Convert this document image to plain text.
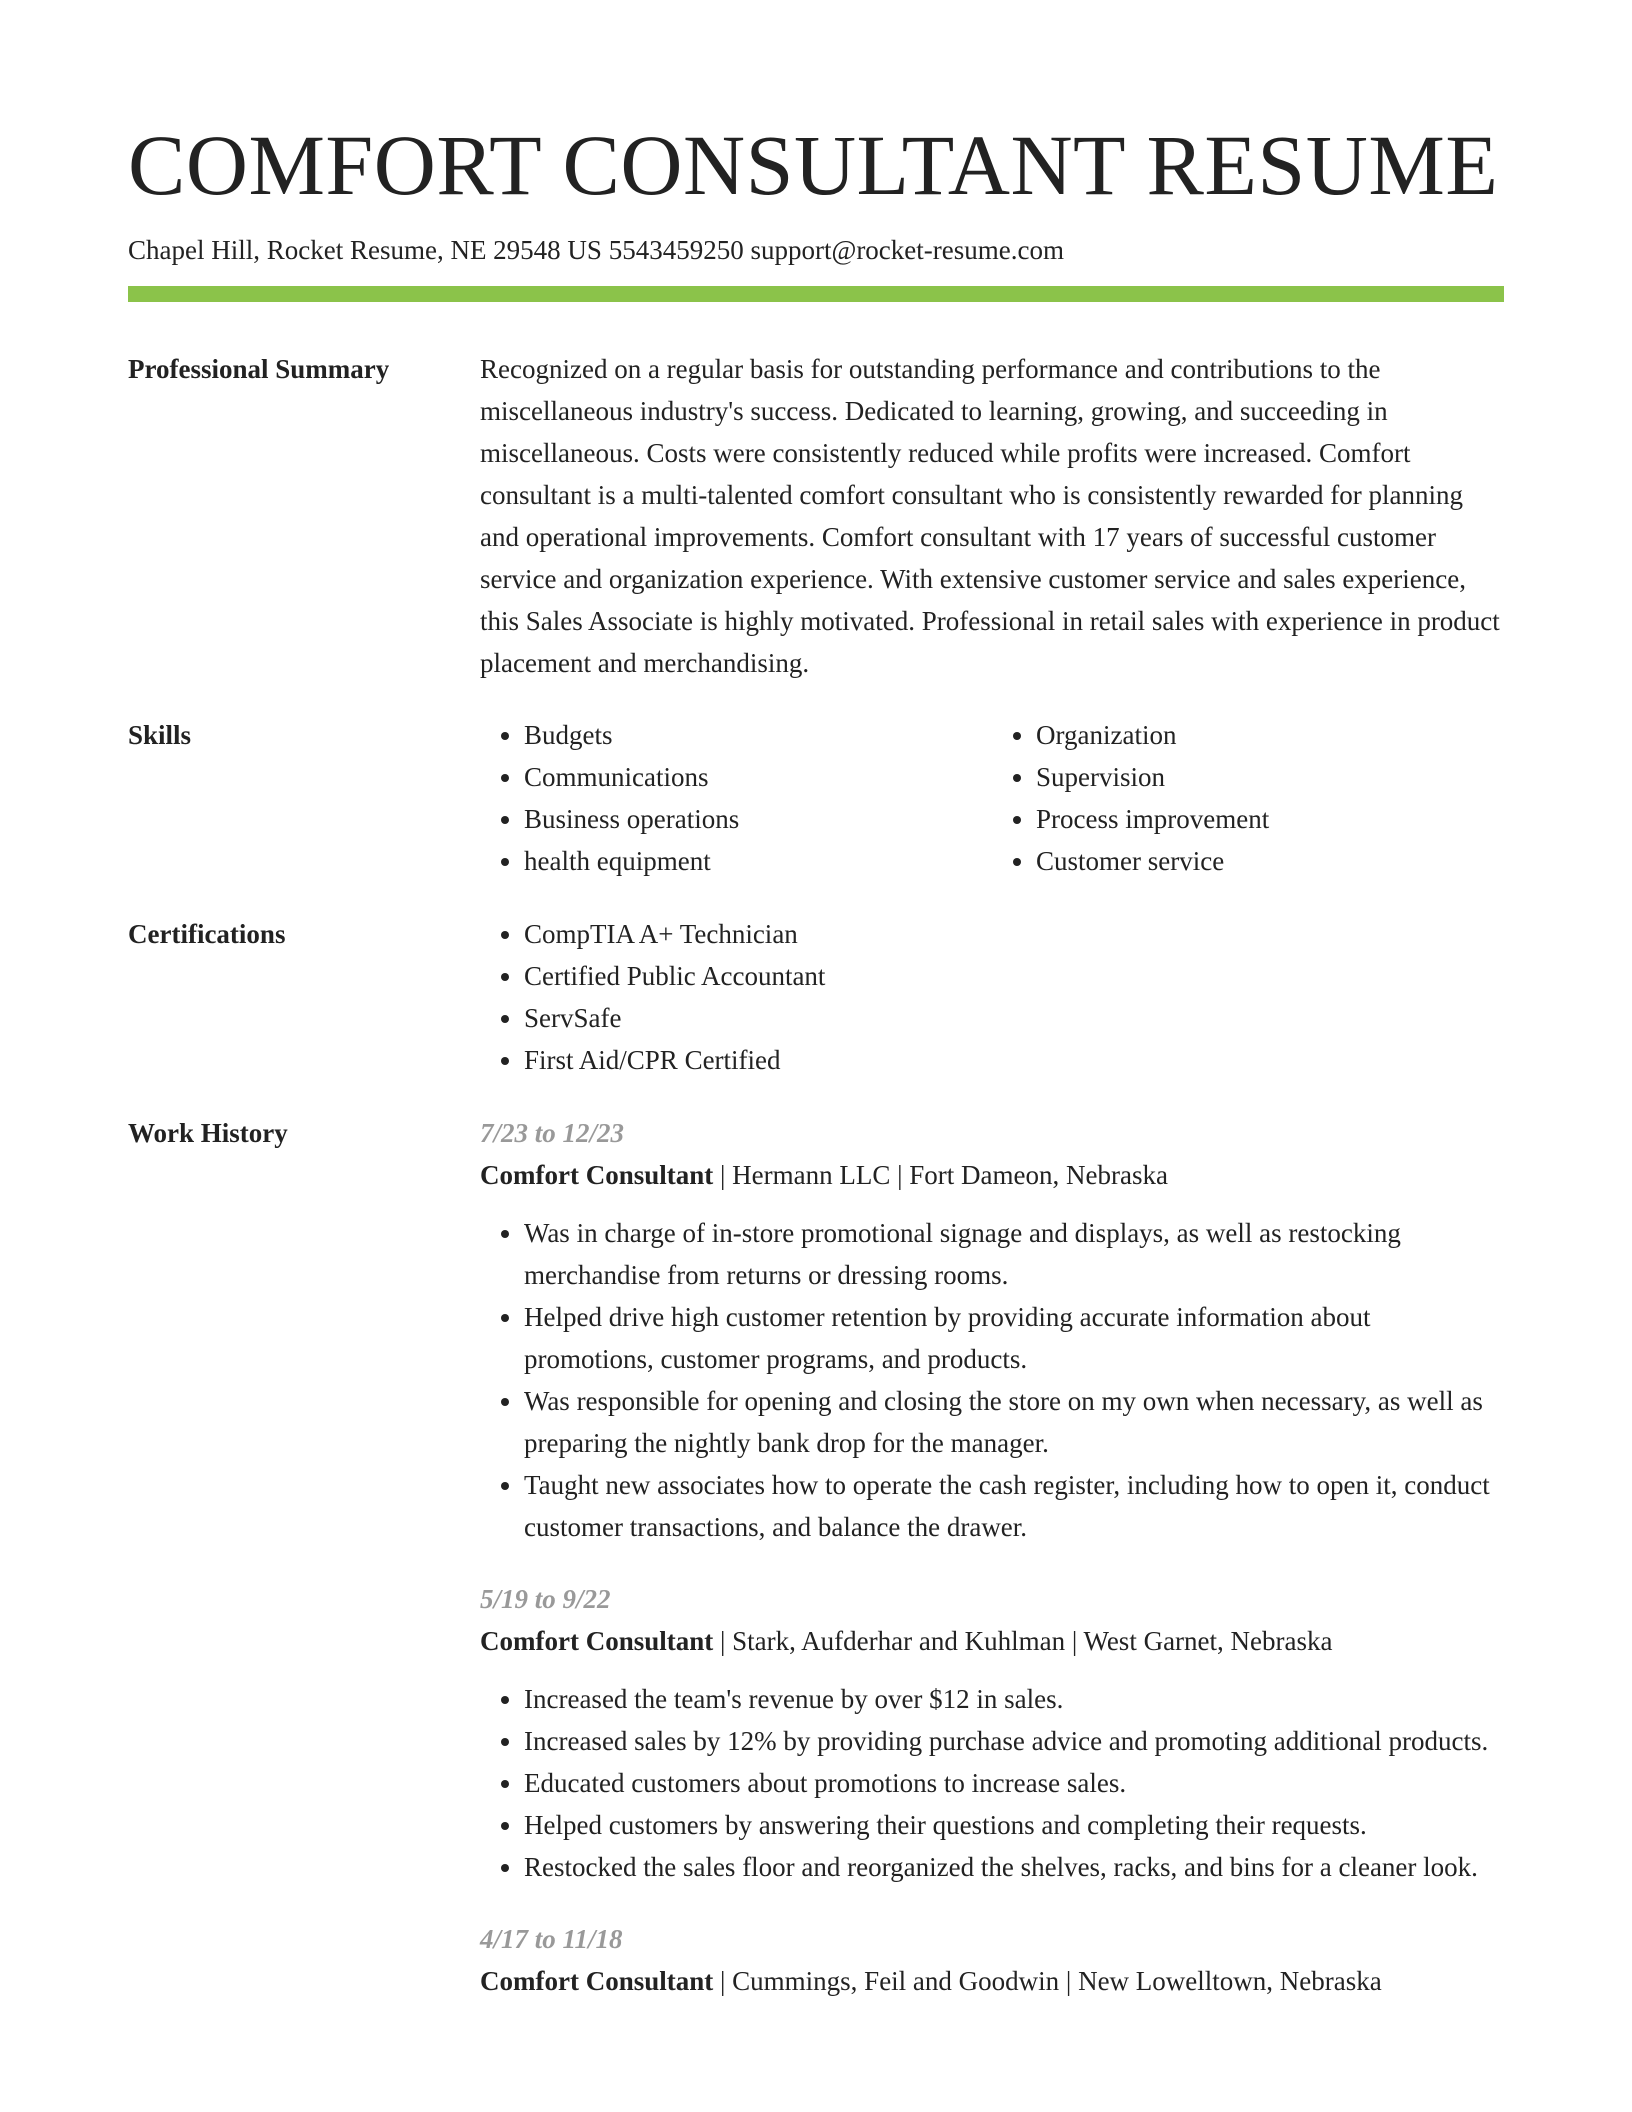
COMFORT CONSULTANT RESUME

Chapel Hill, Rocket Resume, NE 29548 US 5543459250 support@rocket-resume.com

Professional Summary	Recognized on a regular basis for outstanding performance and contributions to the miscellaneous industry's success. Dedicated to learning, growing, and succeeding in miscellaneous. Costs were consistently reduced while profits were increased. Comfort consultant is a multi-talented comfort consultant who is consistently rewarded for planning and operational improvements. Comfort consultant with 17 years of successful customer service and organization experience. With extensive customer service and sales experience, this Sales Associate is highly motivated. Professional in retail sales with experience in product placement and merchandising.

Skills	• Budgets
• Communications
• Business operations
• health equipment
• Organization
• Supervision
• Process improvement
• Customer service
Certifications	• CompTIA A+ Technician
• Certified Public Accountant
• ServSafe
• First Aid/CPR Certified
Work History	7/23 to 12/23

Comfort Consultant | Hermann LLC | Fort Dameon, Nebraska

• Was in charge of in-store promotional signage and displays, as well as restocking merchandise from returns or dressing rooms.
• Helped drive high customer retention by providing accurate information about promotions, customer programs, and products.
• Was responsible for opening and closing the store on my own when necessary, as well as preparing the nightly bank drop for the manager.
• Taught new associates how to operate the cash register, including how to open it, conduct customer transactions, and balance the drawer.

5/19 to 9/22

Comfort Consultant | Stark, Aufderhar and Kuhlman | West Garnet, Nebraska

• Increased the team's revenue by over $12 in sales.
• Increased sales by 12% by providing purchase advice and promoting additional products.
• Educated customers about promotions to increase sales.
• Helped customers by answering their questions and completing their requests.
• Restocked the sales floor and reorganized the shelves, racks, and bins for a cleaner look.

4/17 to 11/18

Comfort Consultant | Cummings, Feil and Goodwin | New Lowelltown, Nebraska
